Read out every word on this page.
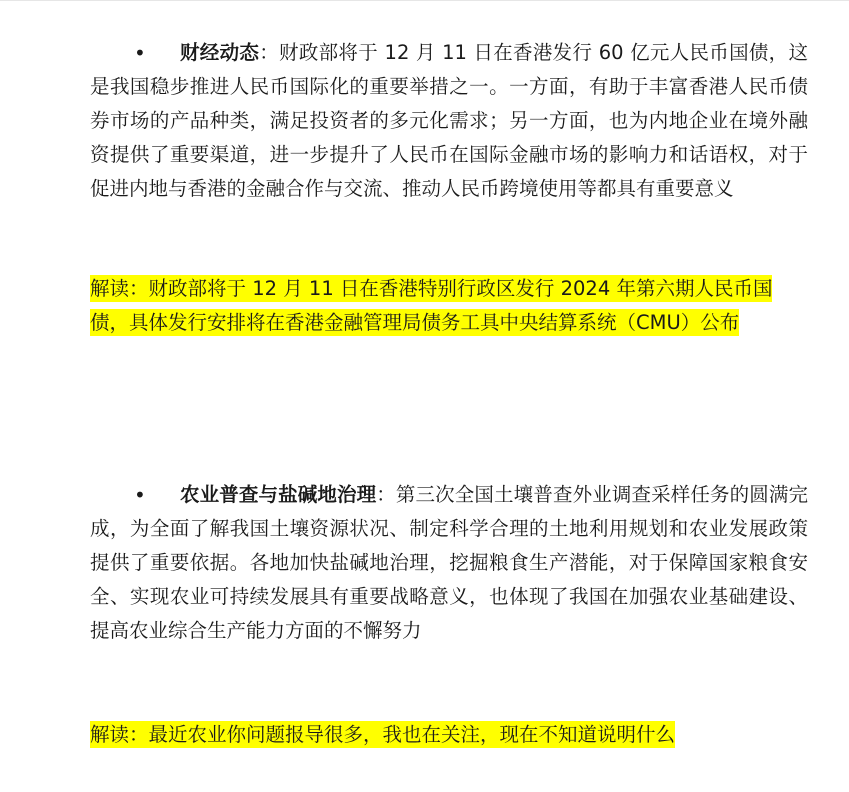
• 财经动态：财政部将于 12 月 11 日在香港发行 60 亿元人民币国债，这是我国稳步推进人民币国际化的重要举措之一。一方面，有助于丰富香港人民币债券市场的产品种类，满足投资者的多元化需求；另一方面，也为内地企业在境外融资提供了重要渠道，进一步提升了人民币在国际金融市场的影响力和话语权，对于促进内地与香港的金融合作与交流、推动人民币跨境使用等都具有重要意义

解读：财政部将于 12 月 11 日在香港特别行政区发行 2024 年第六期人民币国债，具体发行安排将在香港金融管理局债务工具中央结算系统（CMU）公布

• 农业普查与盐碱地治理：第三次全国土壤普查外业调查采样任务的圆满完成，为全面了解我国土壤资源状况、制定科学合理的土地利用规划和农业发展政策提供了重要依据。各地加快盐碱地治理，挖掘粮食生产潜能，对于保障国家粮食安全、实现农业可持续发展具有重要战略意义，也体现了我国在加强农业基础建设、提高农业综合生产能力方面的不懈努力

解读：最近农业你问题报导很多，我也在关注，现在不知道说明什么
